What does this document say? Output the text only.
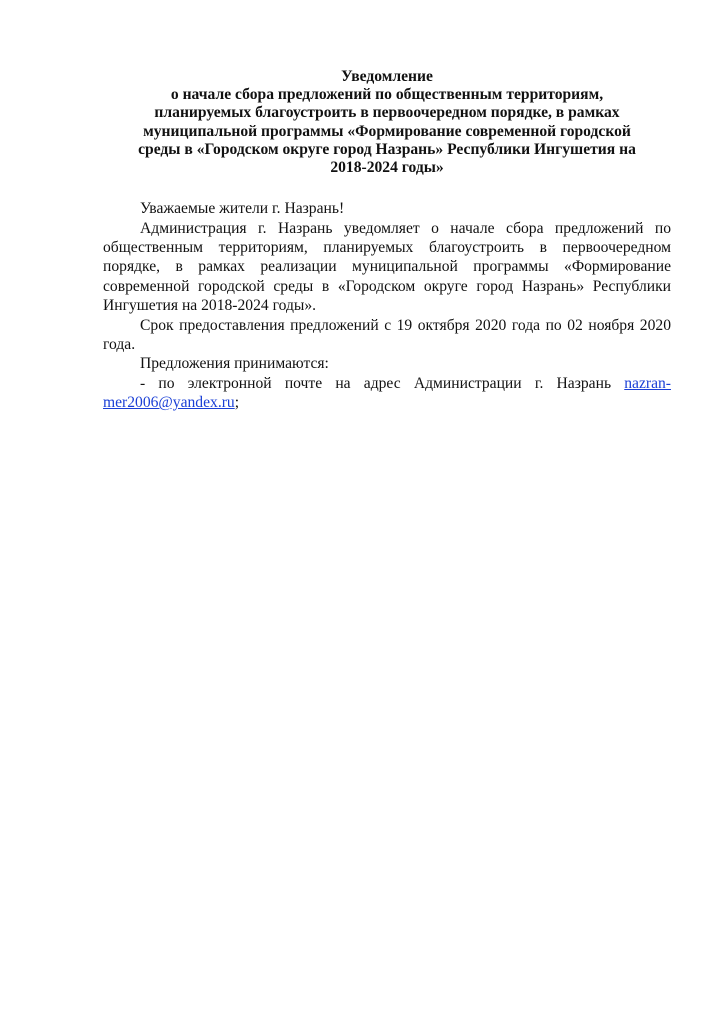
Уведомление
о начале сбора предложений по общественным территориям,
планируемых благоустроить в первоочередном порядке, в рамках
муниципальной программы «Формирование современной городской
среды в «Городском округе город Назрань» Республики Ингушетия на
2018-2024 годы»

Уважаемые жители г. Назрань!

Администрация г. Назрань уведомляет о начале сбора предложений по общественным территориям, планируемых благоустроить в первоочередном порядке, в рамках реализации муниципальной программы «Формирование современной городской среды в «Городском округе город Назрань» Республики Ингушетия на 2018-2024 годы».

Срок предоставления предложений с 19 октября 2020 года по 02 ноября 2020 года.

Предложения принимаются:

- по электронной почте на адрес Администрации г. Назрань nazran-mer2006@yandex.ru;
